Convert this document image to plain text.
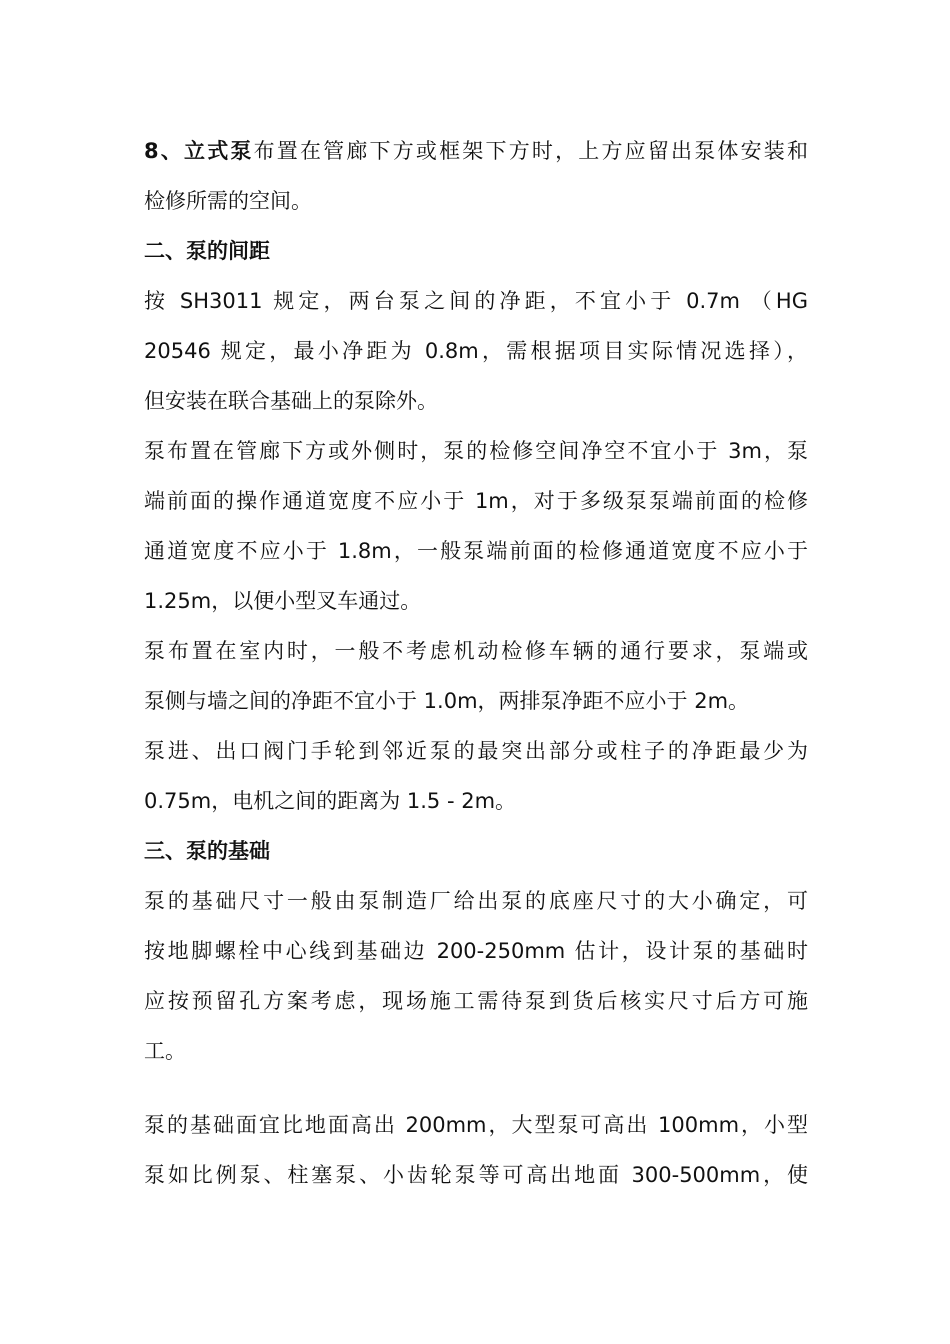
8、立式泵布置在管廊下方或框架下方时，上方应留出泵体安装和
检修所需的空间。
二、泵的间距
按 SH3011 规定，两台泵之间的净距，不宜小于 0.7m （HG
20546 规定，最小净距为 0.8m，需根据项目实际情况选择），
但安装在联合基础上的泵除外。
泵布置在管廊下方或外侧时，泵的检修空间净空不宜小于 3m，泵
端前面的操作通道宽度不应小于 1m，对于多级泵泵端前面的检修
通道宽度不应小于 1.8m，一般泵端前面的检修通道宽度不应小于
1.25m，以便小型叉车通过。
泵布置在室内时，一般不考虑机动检修车辆的通行要求，泵端或
泵侧与墙之间的净距不宜小于 1.0m，两排泵净距不应小于 2m。
泵进、出口阀门手轮到邻近泵的最突出部分或柱子的净距最少为
0.75m，电机之间的距离为 1.5 - 2m。
三、泵的基础
泵的基础尺寸一般由泵制造厂给出泵的底座尺寸的大小确定，可
按地脚螺栓中心线到基础边 200-250mm 估计，设计泵的基础时
应按预留孔方案考虑，现场施工需待泵到货后核实尺寸后方可施
工。
泵的基础面宜比地面高出 200mm，大型泵可高出 100mm，小型
泵如比例泵、柱塞泵、小齿轮泵等可高出地面 300-500mm，使
